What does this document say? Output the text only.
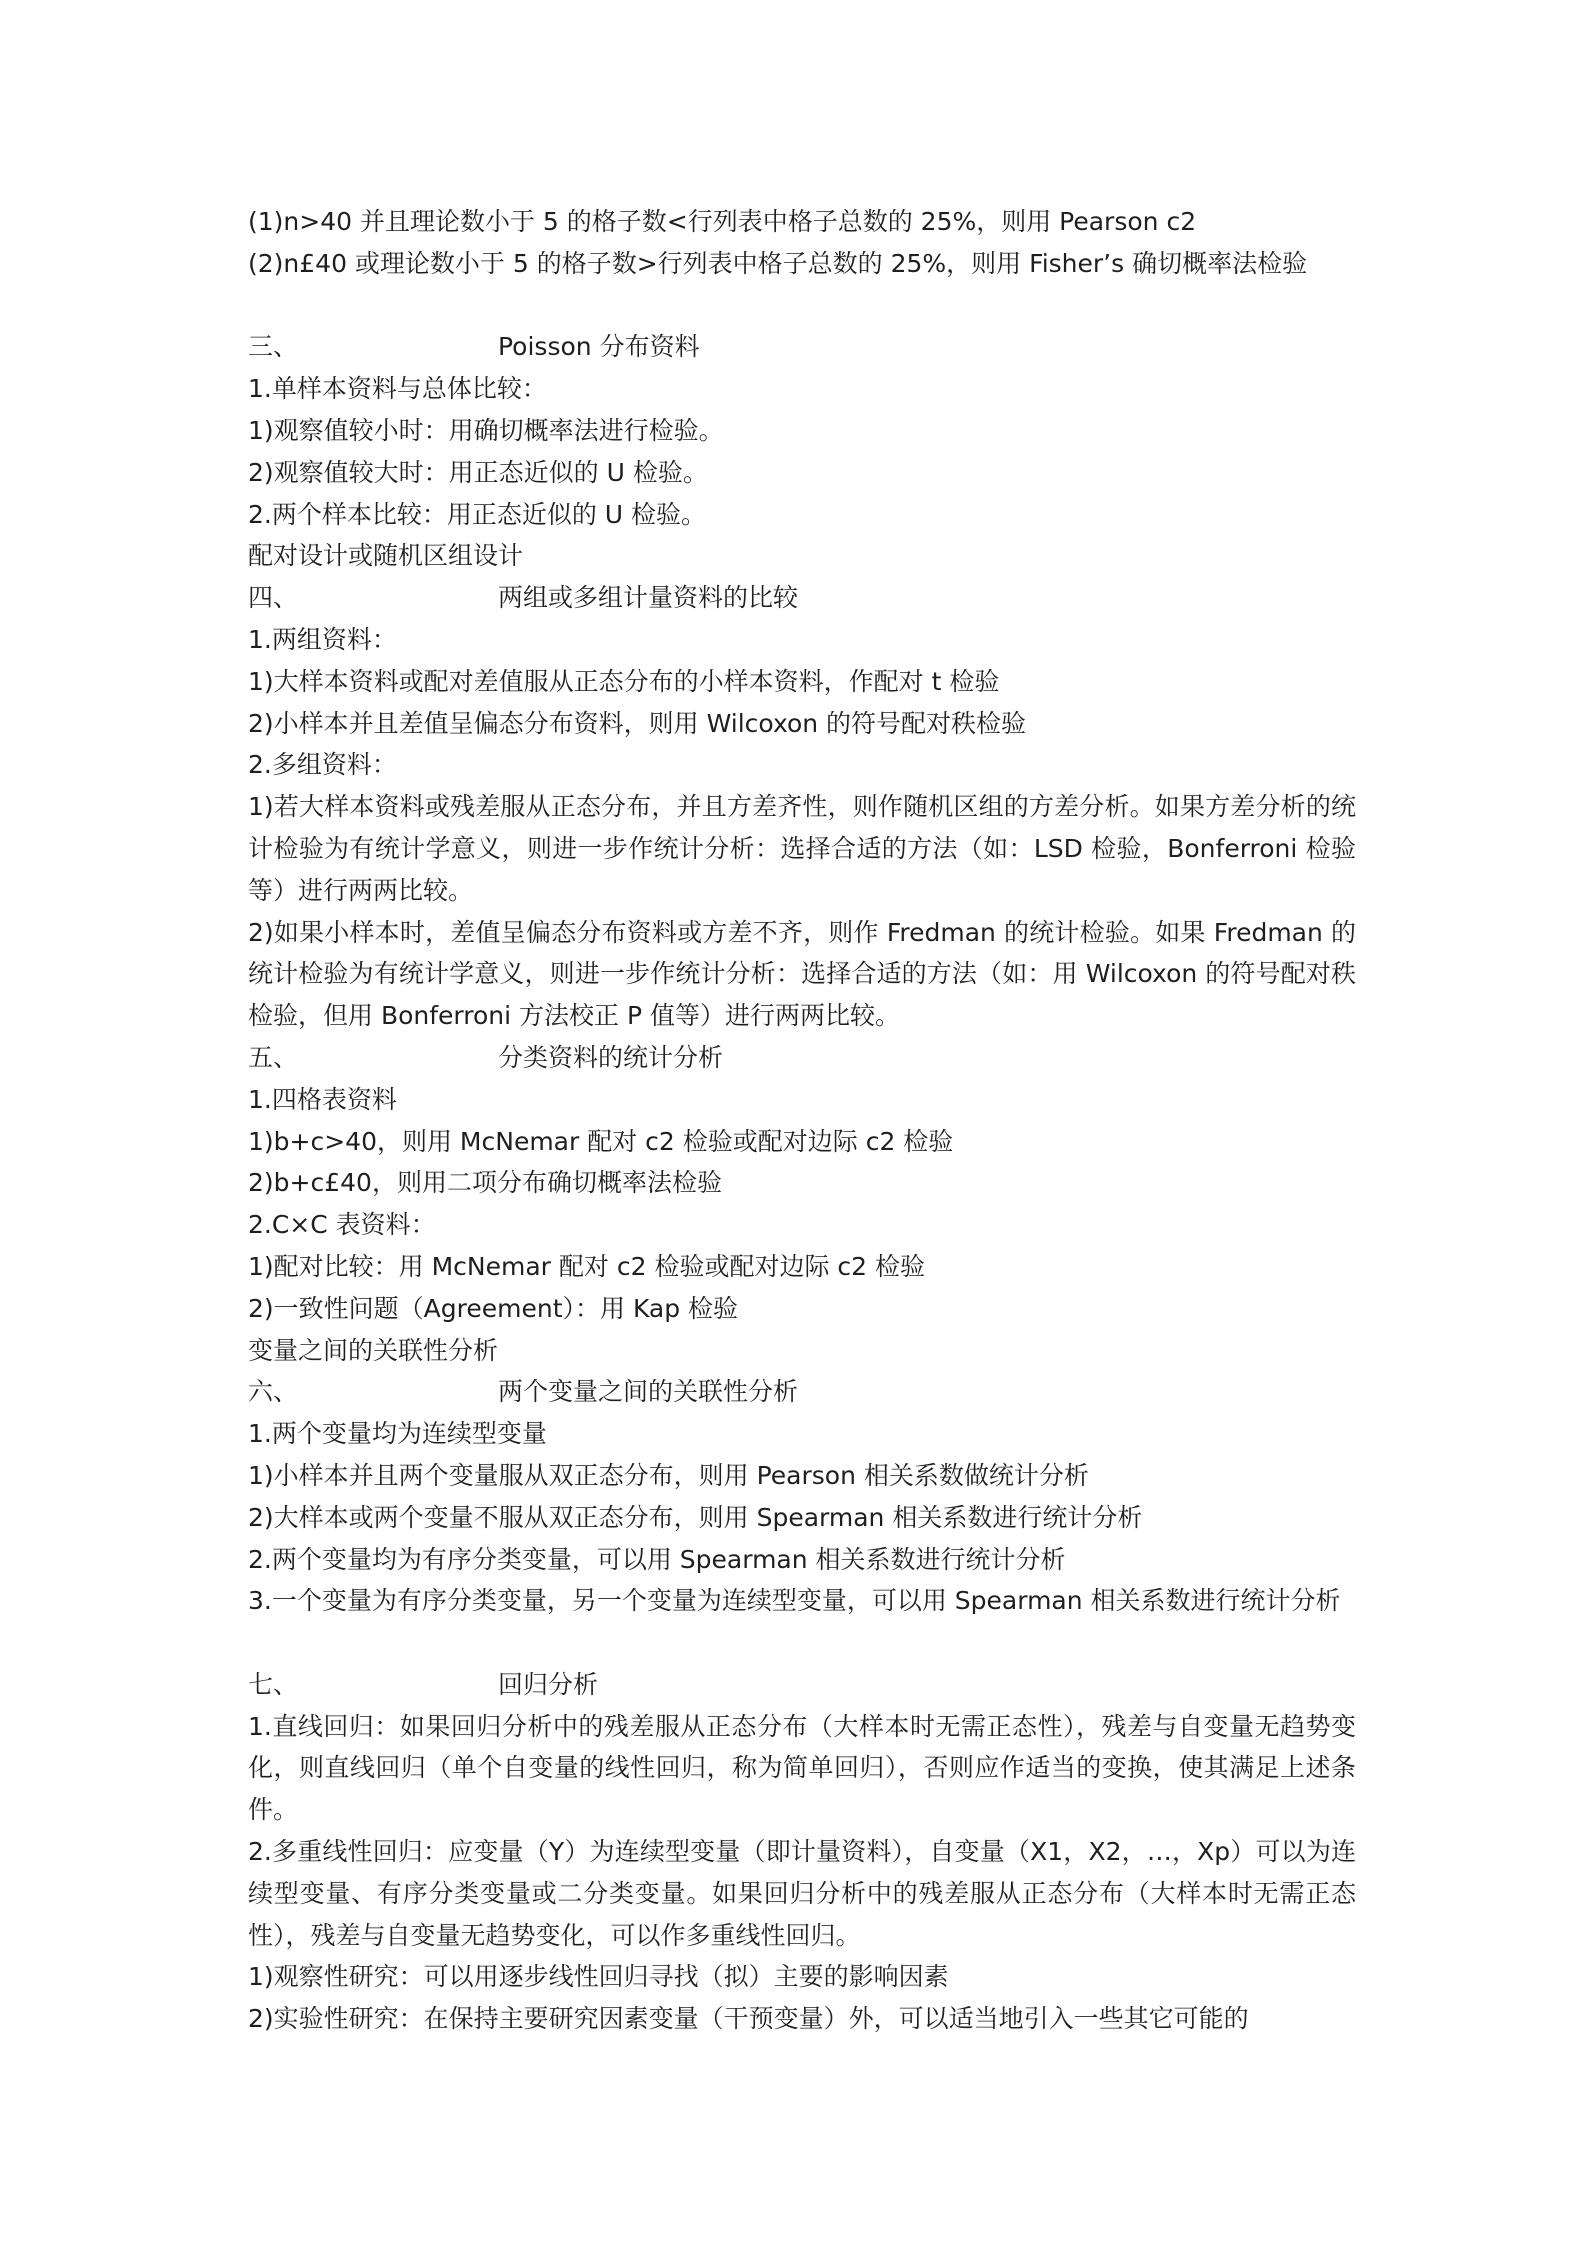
(1)n>40 并且理论数小于 5 的格子数<行列表中格子总数的 25%，则用 Pearson c2
(2)n£40 或理论数小于 5 的格子数>行列表中格子总数的 25%，则用 Fisher’s 确切概率法检验
三、	Poisson 分布资料
1.单样本资料与总体比较：
1)观察值较小时：用确切概率法进行检验。
2)观察值较大时：用正态近似的 U 检验。
2.两个样本比较：用正态近似的 U 检验。
配对设计或随机区组设计
四、	两组或多组计量资料的比较
1.两组资料：
1)大样本资料或配对差值服从正态分布的小样本资料，作配对 t 检验
2)小样本并且差值呈偏态分布资料，则用 Wilcoxon 的符号配对秩检验
2.多组资料：
1)若大样本资料或残差服从正态分布，并且方差齐性，则作随机区组的方差分析。如果方差分析的统计检验为有统计学意义，则进一步作统计分析：选择合适的方法（如：LSD 检验，Bonferroni 检验等）进行两两比较。
2)如果小样本时，差值呈偏态分布资料或方差不齐，则作 Fredman 的统计检验。如果 Fredman 的统计检验为有统计学意义，则进一步作统计分析：选择合适的方法（如：用 Wilcoxon 的符号配对秩检验，但用 Bonferroni 方法校正 P 值等）进行两两比较。
五、	分类资料的统计分析
1.四格表资料
1)b+c>40，则用 McNemar 配对 c2 检验或配对边际 c2 检验
2)b+c£40，则用二项分布确切概率法检验
2.C×C 表资料：
1)配对比较：用 McNemar 配对 c2 检验或配对边际 c2 检验
2)一致性问题（Agreement）：用 Kap 检验
变量之间的关联性分析
六、	两个变量之间的关联性分析
1.两个变量均为连续型变量
1)小样本并且两个变量服从双正态分布，则用 Pearson 相关系数做统计分析
2)大样本或两个变量不服从双正态分布，则用 Spearman 相关系数进行统计分析
2.两个变量均为有序分类变量，可以用 Spearman 相关系数进行统计分析
3.一个变量为有序分类变量，另一个变量为连续型变量，可以用 Spearman 相关系数进行统计分析
七、	回归分析
1.直线回归：如果回归分析中的残差服从正态分布（大样本时无需正态性），残差与自变量无趋势变化，则直线回归（单个自变量的线性回归，称为简单回归），否则应作适当的变换，使其满足上述条件。
2.多重线性回归：应变量（Y）为连续型变量（即计量资料），自变量（X1，X2，…，Xp）可以为连续型变量、有序分类变量或二分类变量。如果回归分析中的残差服从正态分布（大样本时无需正态性），残差与自变量无趋势变化，可以作多重线性回归。
1)观察性研究：可以用逐步线性回归寻找（拟）主要的影响因素
2)实验性研究：在保持主要研究因素变量（干预变量）外，可以适当地引入一些其它可能的
